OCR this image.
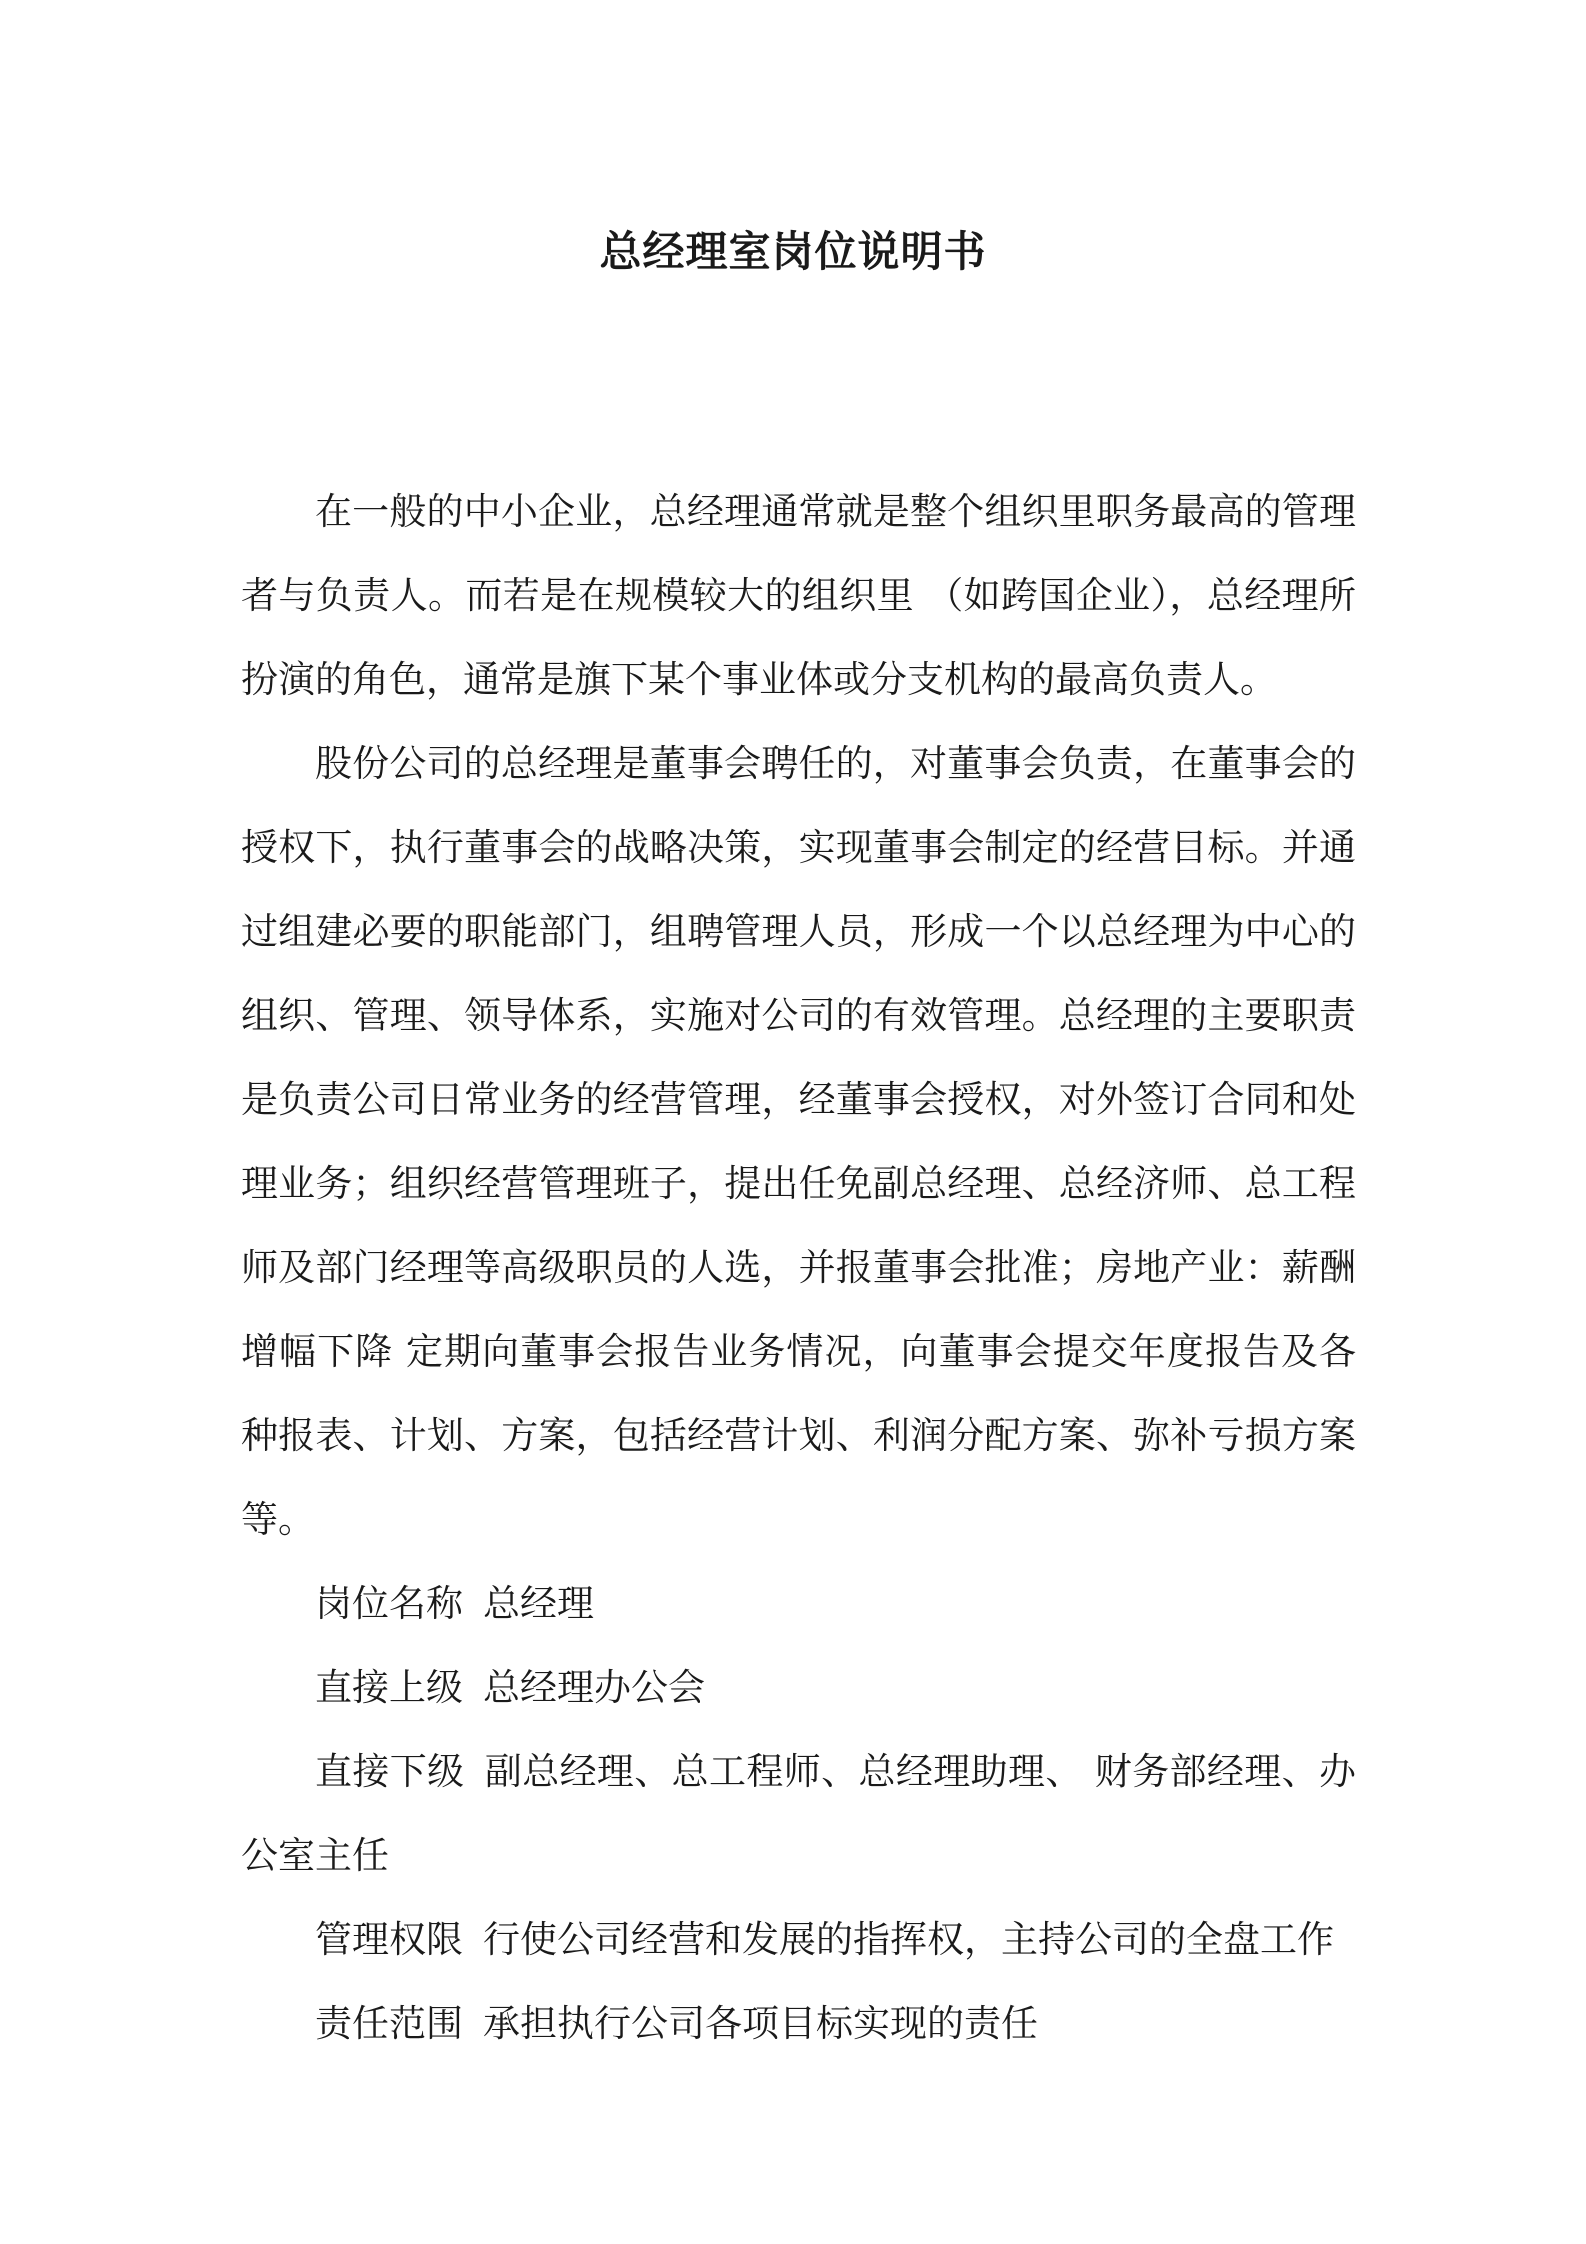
总经理室岗位说明书

在一般的中小企业，总经理通常就是整个组织里职务最高的管理者与负责人。而若是在规模较大的组织里 （如跨国企业），总经理所扮演的角色，通常是旗下某个事业体或分支机构的最高负责人。

股份公司的总经理是董事会聘任的，对董事会负责，在董事会的授权下，执行董事会的战略决策，实现董事会制定的经营目标。并通过组建必要的职能部门，组聘管理人员，形成一个以总经理为中心的组织、管理、领导体系，实施对公司的有效管理。总经理的主要职责是负责公司日常业务的经营管理，经董事会授权，对外签订合同和处理业务；组织经营管理班子，提出任免副总经理、总经济师、总工程师及部门经理等高级职员的人选，并报董事会批准；房地产业：薪酬增幅下降 定期向董事会报告业务情况，向董事会提交年度报告及各种报表、计划、方案，包括经营计划、利润分配方案、弥补亏损方案等。

岗位名称 总经理

直接上级 总经理办公会

直接下级 副总经理、总工程师、总经理助理、 财务部经理、办公室主任

管理权限 行使公司经营和发展的指挥权，主持公司的全盘工作

责任范围 承担执行公司各项目标实现的责任
